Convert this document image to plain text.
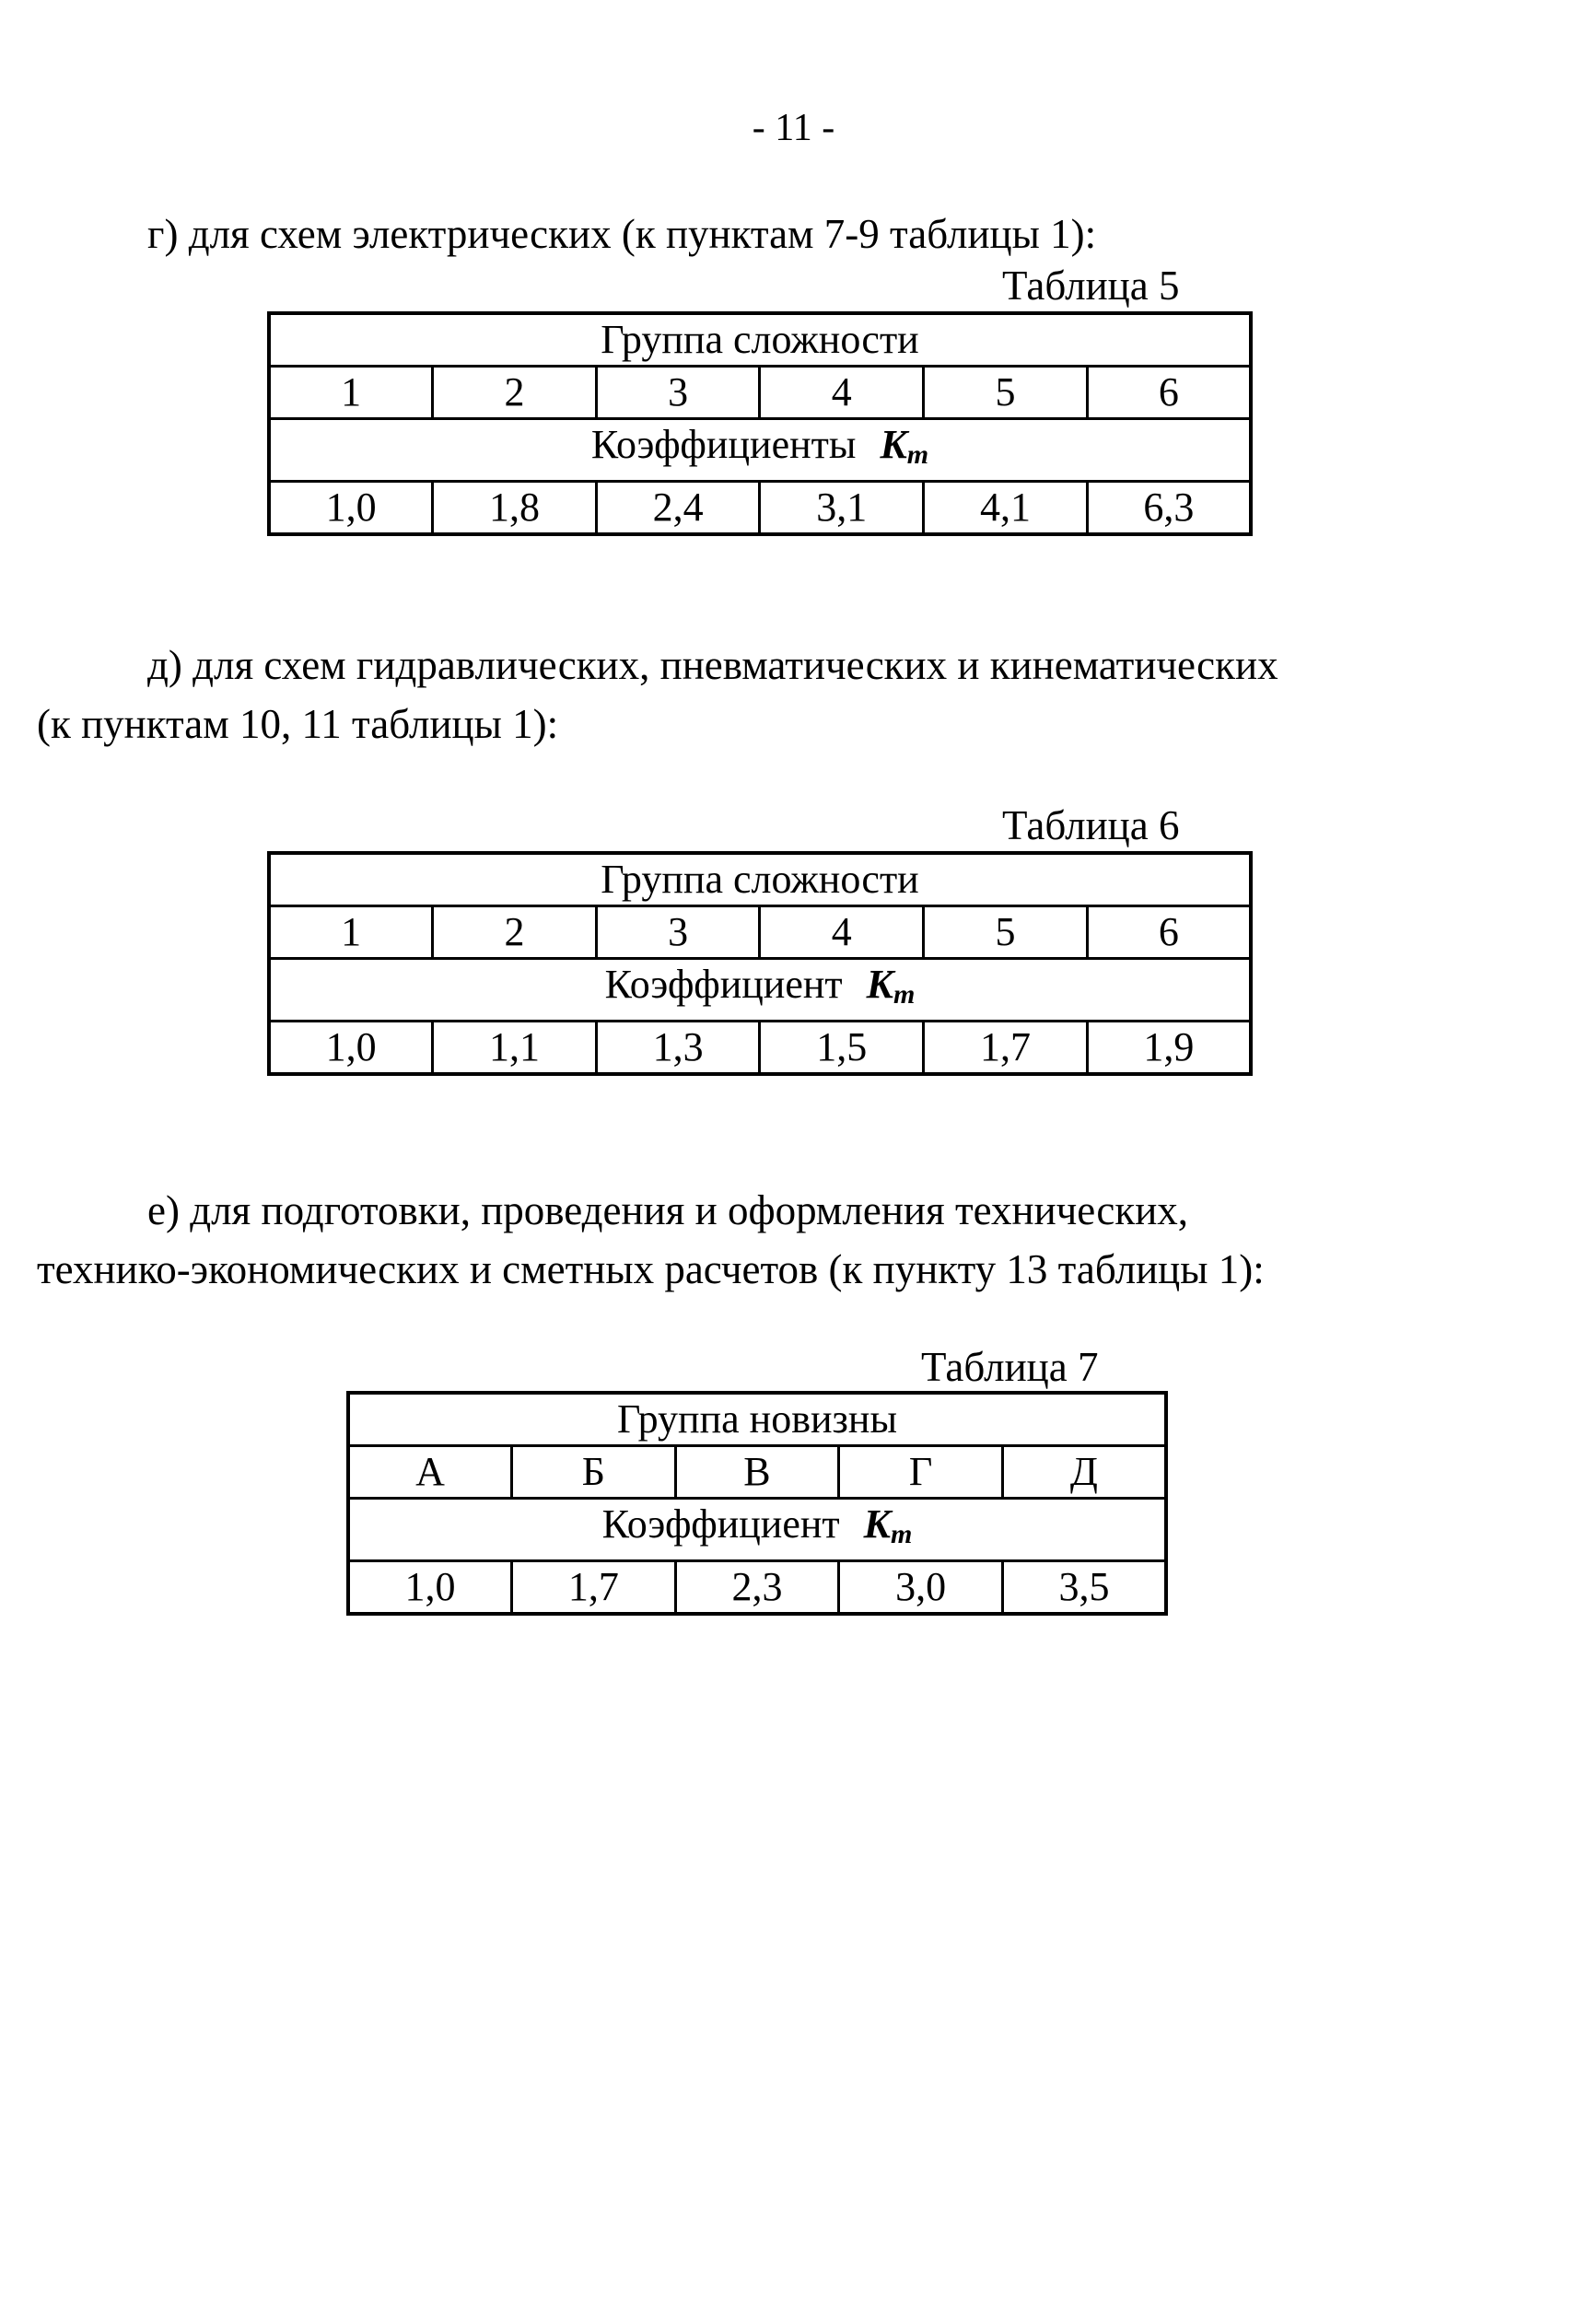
- 11 -

г) для схем электрических (к пунктам 7-9 таблицы 1):

Таблица 5
Группа сложности					
1	2	3	4	5	6
Коэффициенты $K_m$
1,0	1,8	2,4	3,1	4,1	6,3

д) для схем гидравлических, пневматических и кинематических

(к пунктам 10, 11 таблицы 1):

Таблица 6
Группа сложности					
1	2	3	4	5	6
Коэффициент $K_m$
1,0	1,1	1,3	1,5	1,7	1,9

е) для подготовки, проведения и оформления технических,

технико-экономических и сметных расчетов (к пункту 13 таблицы 1):

Таблица 7
Группа новизны				
А	Б	В	Г	Д
Коэффициент $K_m$
1,0	1,7	2,3	3,0	3,5
